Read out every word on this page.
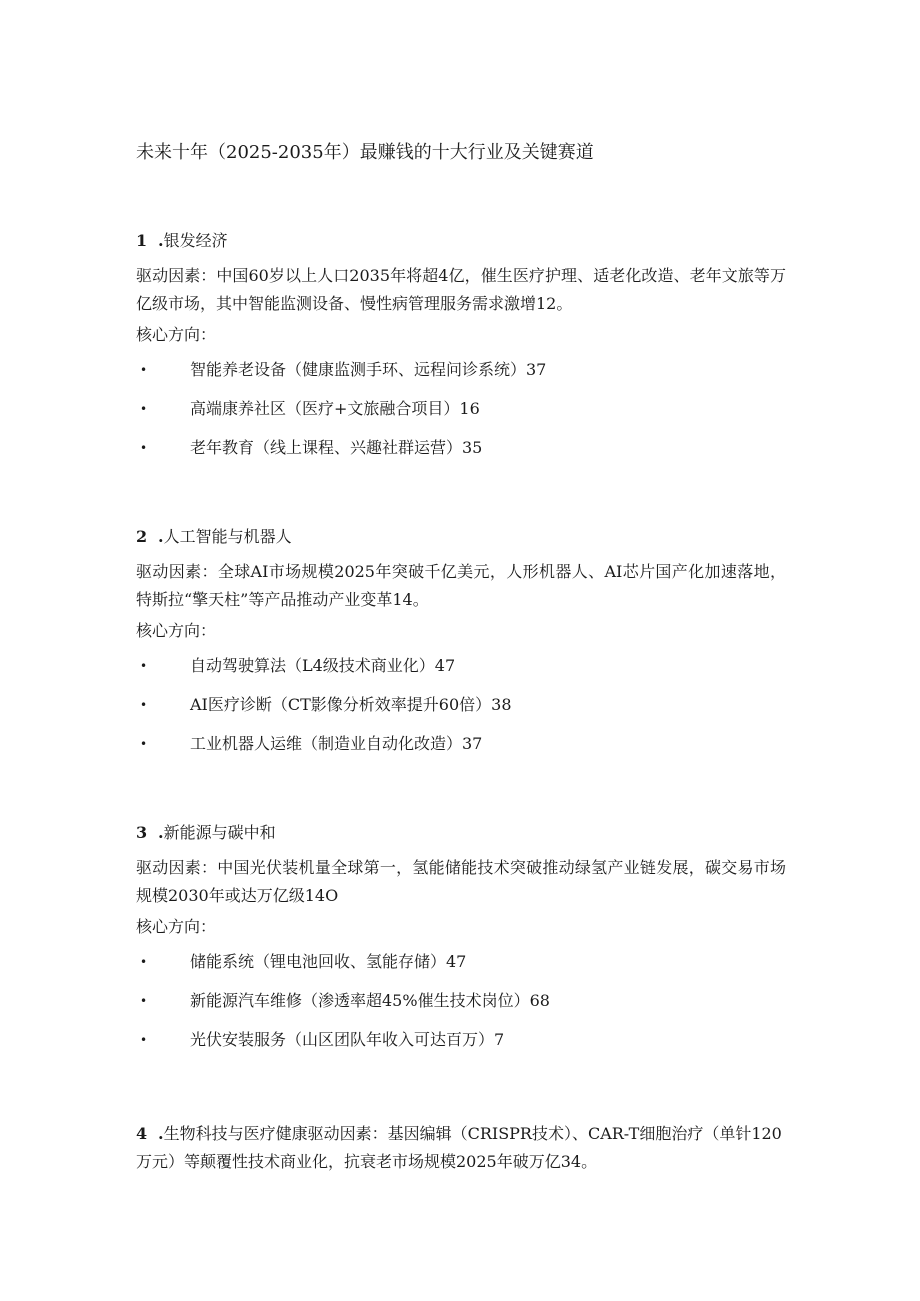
未来十年（2025-2035年）最赚钱的十大行业及关键赛道
1 .银发经济

驱动因素：中国60岁以上人口2035年将超4亿，催生医疗护理、适老化改造、老年文旅等万亿级市场，其中智能监测设备、慢性病管理服务需求激增12。

核心方向：

•	智能养老设备（健康监测手环、远程问诊系统）37
•	高端康养社区（医疗+文旅融合项目）16
•	老年教育（线上课程、兴趣社群运营）35
2 .人工智能与机器人

驱动因素：全球AI市场规模2025年突破千亿美元，人形机器人、AI芯片国产化加速落地，特斯拉“擎天柱”等产品推动产业变革14。

核心方向：

•	自动驾驶算法（L4级技术商业化）47
•	AI医疗诊断（CT影像分析效率提升60倍）38
•	工业机器人运维（制造业自动化改造）37
3 .新能源与碳中和

驱动因素：中国光伏装机量全球第一，氢能储能技术突破推动绿氢产业链发展，碳交易市场规模2030年或达万亿级14O

核心方向：

•	储能系统（锂电池回收、氢能存储）47
•	新能源汽车维修（渗透率超45%催生技术岗位）68
•	光伏安装服务（山区团队年收入可达百万）7

4 .生物科技与医疗健康驱动因素：基因编辑（CRISPR技术）、CAR-T细胞治疗（单针120万元）等颠覆性技术商业化，抗衰老市场规模2025年破万亿34。
